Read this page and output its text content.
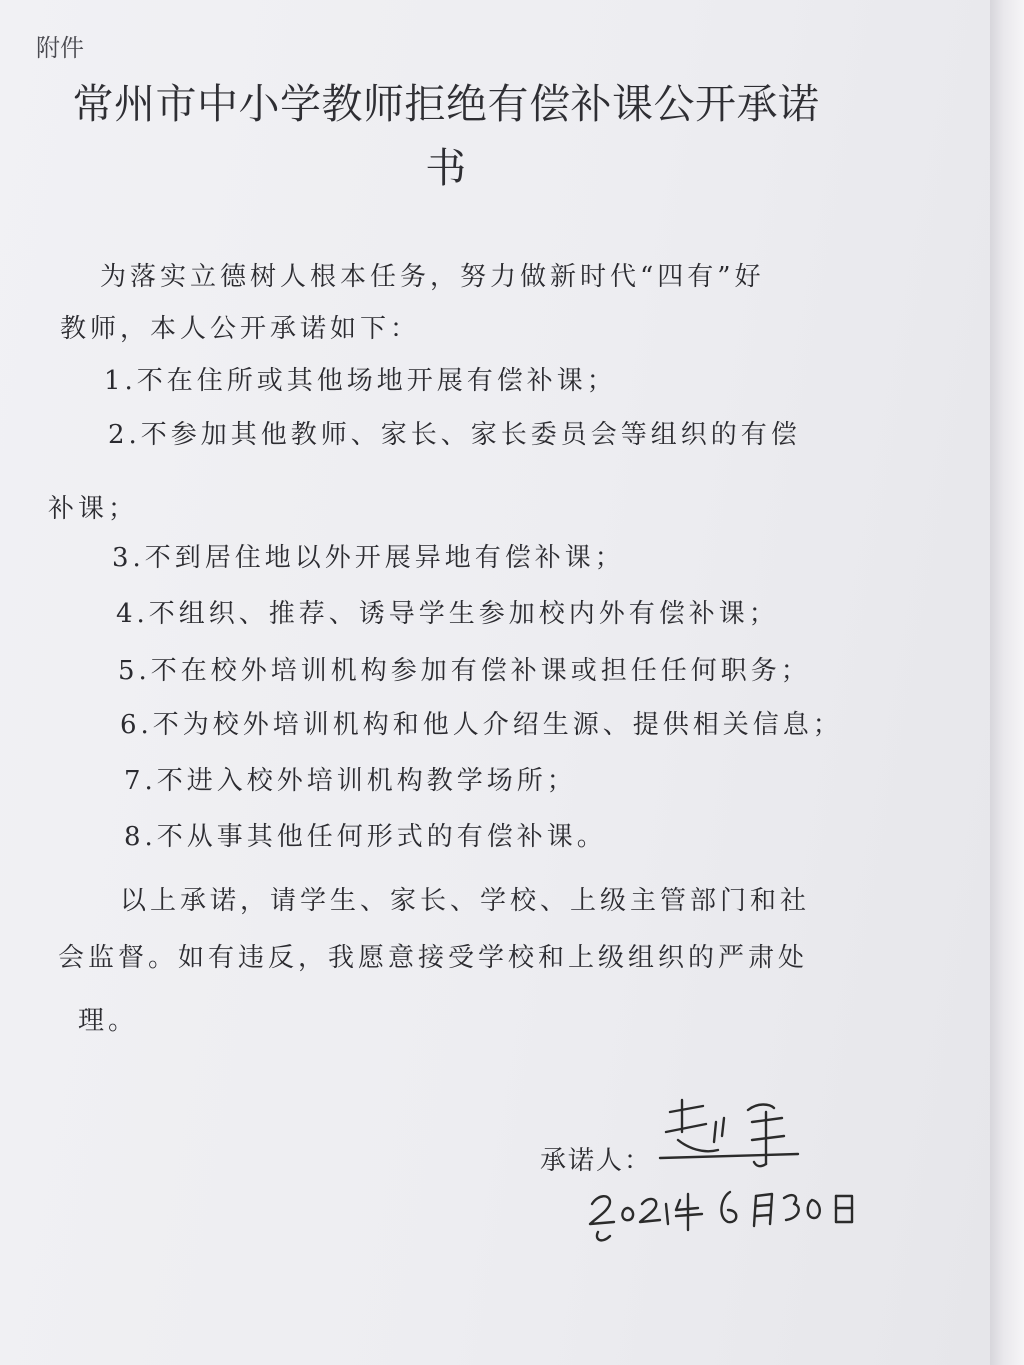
附件
常州市中小学教师拒绝有偿补课公开承诺书
为落实立德树人根本任务，努力做新时代“四有”好
教师，本人公开承诺如下：
1.不在住所或其他场地开展有偿补课；
2.不参加其他教师、家长、家长委员会等组织的有偿
补课；
3.不到居住地以外开展异地有偿补课；
4.不组织、推荐、诱导学生参加校内外有偿补课；
5.不在校外培训机构参加有偿补课或担任任何职务；
6.不为校外培训机构和他人介绍生源、提供相关信息；
7.不进入校外培训机构教学场所；
8.不从事其他任何形式的有偿补课。
以上承诺，请学生、家长、学校、上级主管部门和社
会监督。如有违反，我愿意接受学校和上级组织的严肃处
理。
承诺人：
